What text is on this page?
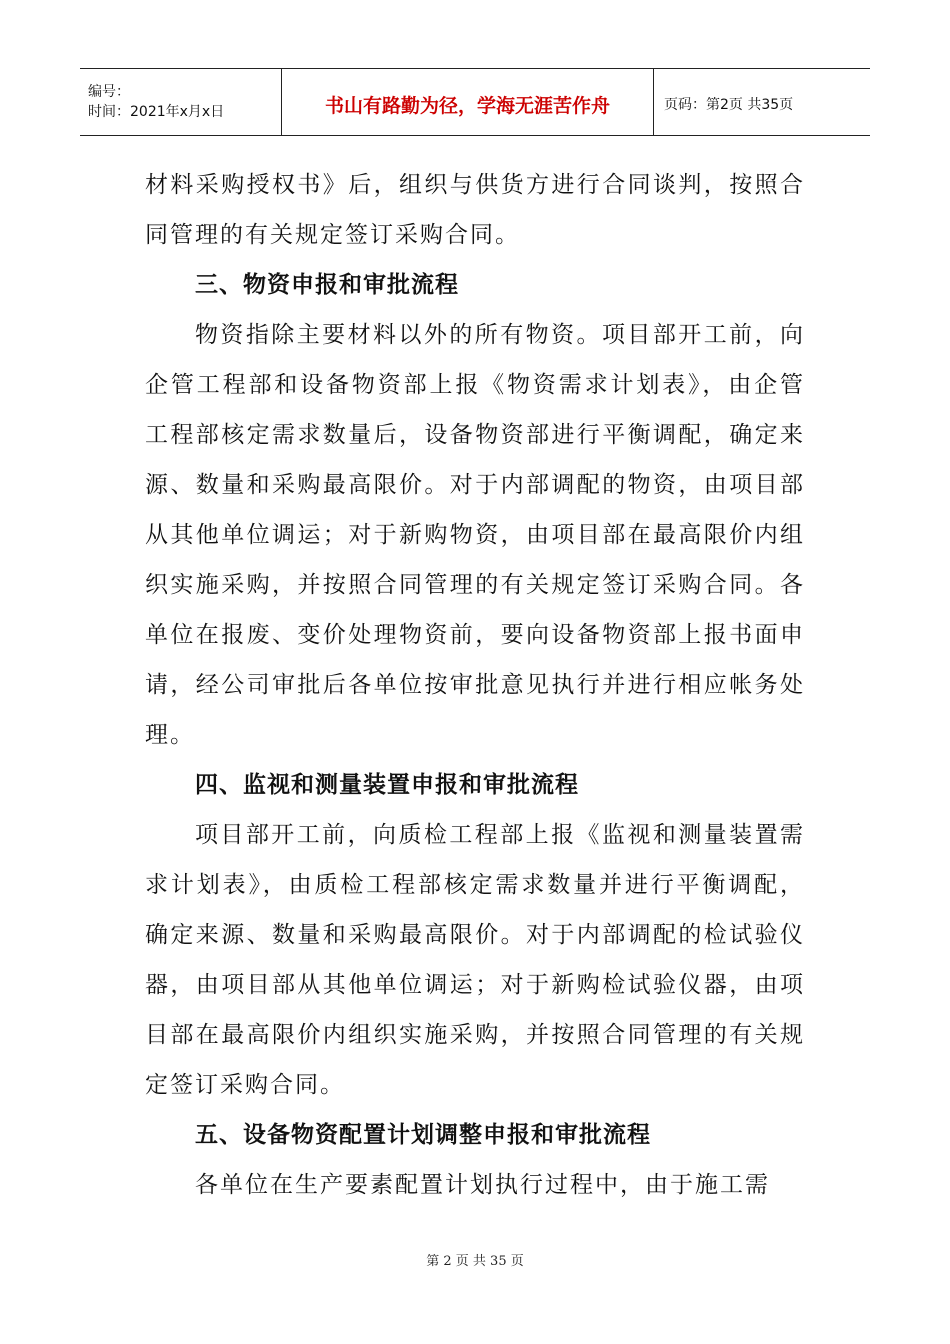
编号：
时间：2021年x月x日	书山有路勤为径，学海无涯苦作舟	页码：第2页 共35页

材料采购授权书》后，组织与供货方进行合同谈判，按照合同管理的有关规定签订采购合同。

三、物资申报和审批流程

物资指除主要材料以外的所有物资。项目部开工前，向企管工程部和设备物资部上报《物资需求计划表》，由企管工程部核定需求数量后，设备物资部进行平衡调配，确定来源、数量和采购最高限价。对于内部调配的物资，由项目部从其他单位调运；对于新购物资，由项目部在最高限价内组织实施采购，并按照合同管理的有关规定签订采购合同。各单位在报废、变价处理物资前，要向设备物资部上报书面申请，经公司审批后各单位按审批意见执行并进行相应帐务处理。

四、监视和测量装置申报和审批流程

项目部开工前，向质检工程部上报《监视和测量装置需求计划表》，由质检工程部核定需求数量并进行平衡调配，确定来源、数量和采购最高限价。对于内部调配的检试验仪器，由项目部从其他单位调运；对于新购检试验仪器，由项目部在最高限价内组织实施采购，并按照合同管理的有关规定签订采购合同。

五、设备物资配置计划调整申报和审批流程

各单位在生产要素配置计划执行过程中，由于施工需

第 2 页 共 35 页
